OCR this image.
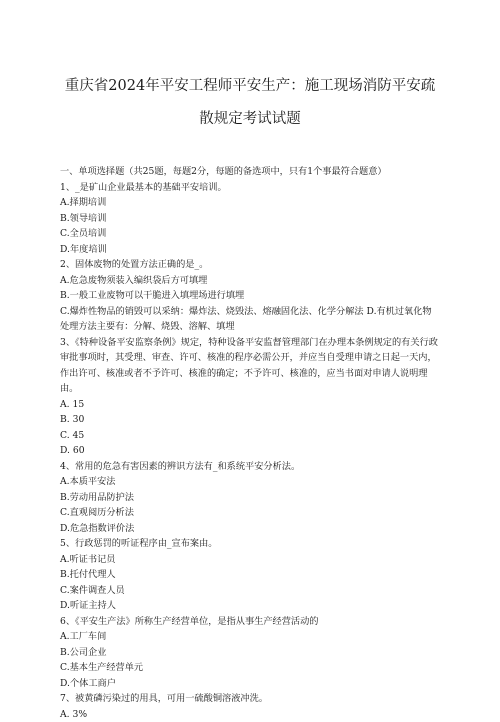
重庆省2024年平安工程师平安生产：施工现场消防平安疏
散规定考试试题

一、单项选择题（共25题，每题2分，每题的备选项中，只有1个事最符合题意）

1、_是矿山企业最基本的基础平安培训。

A.择期培训

B.领导培训

C.全员培训

D.年度培训

2、固体废物的处置方法正确的是_。

A.危急废物须装入编织袋后方可填埋

B.一般工业废物可以干脆进入填埋场进行填埋

C.爆炸性物品的销毁可以采纳：爆炸法、烧毁法、熔融固化法、化学分解法 D.有机过氧化物处理方法主要有：分解、烧毁、溶解、填埋

3、《特种设备平安监察条例》规定，特种设备平安监督管理部门在办理本条例规定的有关行政审批事项时，其受理、审查、许可、核准的程序必需公开，并应当自受理申请之日起一天内，作出许可、核准或者不予许可、核准的确定；不予许可、核准的，应当书面对申请人说明理由。

A. 15

B. 30

C. 45

D. 60

4、常用的危急有害因素的辨识方法有_和系统平安分析法。

A.本质平安法

B.劳动用品防护法

C.直观阅历分析法

D.危急指数评价法

5、行政惩罚的听证程序由_宣布案由。

A.听证书记员

B.托付代理人

C.案件调查人员

D.听证主持人

6、《平安生产法》所称生产经营单位，是指从事生产经营活动的

A.工厂车间

B.公司企业

C.基本生产经营单元

D.个体工商户

7、被黄磷污染过的用具，可用一硫酸铜溶液冲洗。

A. 3%
